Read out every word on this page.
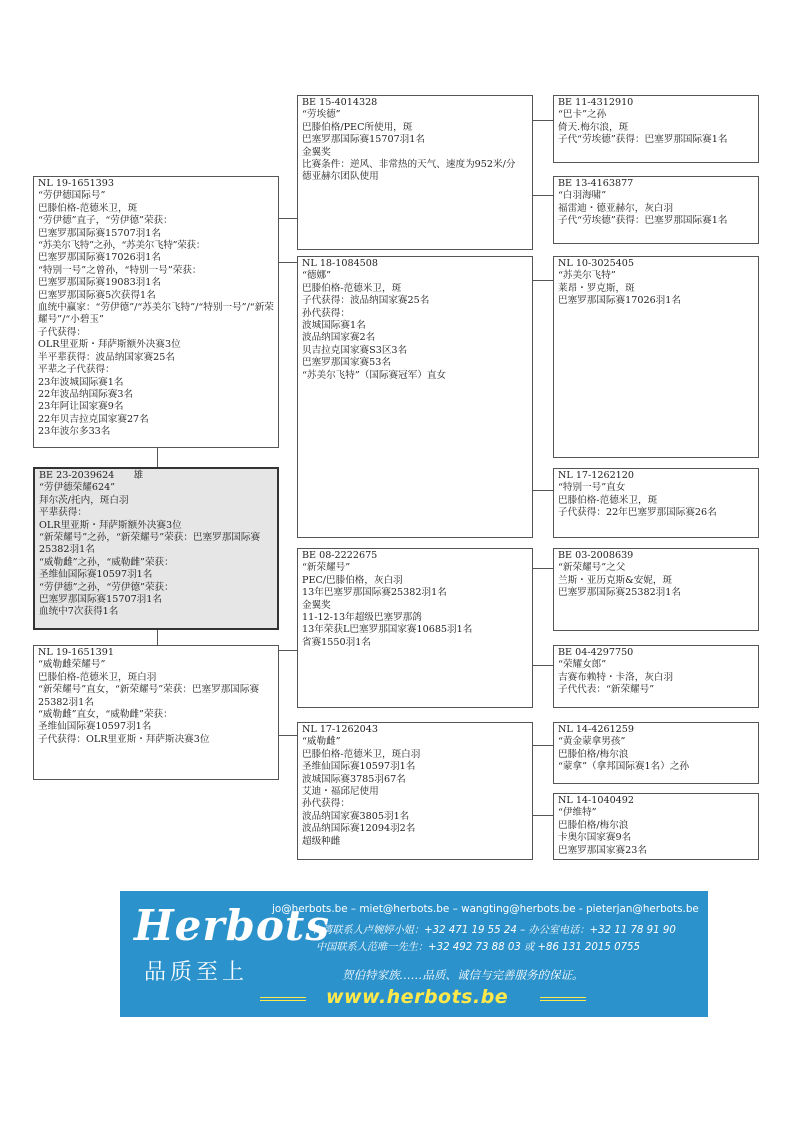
NL 19-1651393
“劳伊德国际号”
巴滕伯格-范德米卫，斑
“劳伊德”直子，“劳伊德”荣获：
巴塞罗那国际赛15707羽1名
“苏美尔飞特”之孙，“苏美尔飞特”荣获：
巴塞罗那国际赛17026羽1名
“特别一号”之曾孙，“特别一号”荣获：
巴塞罗那国际赛19083羽1名
巴塞罗那国际赛5次获得1名
血统中赢家：“劳伊德”/“苏美尔飞特”/“特别一号”/“新荣耀号”/“小碧玉”
子代获得：
OLR里亚斯・拜萨斯额外决赛3位
半平辈获得：波品纳国家赛25名
平辈之子代获得：
23年波城国际赛1名
22年波品纳国际赛3名
23年阿让国家赛9名
22年贝吉拉克国家赛27名
23年波尔多33名
BE 23-2039624　　雄
“劳伊德荣耀624”
拜尔茨/托内，斑白羽
平辈获得：
OLR里亚斯・拜萨斯额外决赛3位
“新荣耀号”之孙，“新荣耀号”荣获：巴塞罗那国际赛25382羽1名
“威勒雌”之孙，“威勒雌”荣获：
圣维仙国际赛10597羽1名
“劳伊德”之孙，“劳伊德”荣获：
巴塞罗那国际赛15707羽1名
血统中7次获得1名
NL 19-1651391
“威勒雌荣耀号”
巴滕伯格-范德米卫，斑白羽
“新荣耀号”直女，“新荣耀号”荣获：巴塞罗那国际赛25382羽1名
“威勒雌”直女，“威勒雌”荣获：
圣维仙国际赛10597羽1名
子代获得：OLR里亚斯・拜萨斯决赛3位
BE 15-4014328
“劳埃德”
巴滕伯格/PEC所使用，斑
巴塞罗那国际赛15707羽1名
金翼奖
比赛条件：逆风、非常热的天气、速度为952米/分
德亚赫尔团队使用
NL 18-1084508
“德娜”
巴滕伯格-范德米卫，斑
子代获得：波品纳国家赛25名
孙代获得：
波城国际赛1名
波品纳国家赛2名
贝吉拉克国家赛S3区3名
巴塞罗那国家赛53名
“苏美尔飞特”（国际赛冠军）直女
BE 08-2222675
“新荣耀号”
PEC/巴滕伯格，灰白羽
13年巴塞罗那国际赛25382羽1名
金翼奖
11-12-13年超级巴塞罗那鸽
13年荣获L巴塞罗那国家赛10685羽1名
省赛1550羽1名
NL 17-1262043
“威勒雌”
巴滕伯格-范德米卫，斑白羽
圣维仙国际赛10597羽1名
波城国际赛3785羽67名
艾迪・福邱尼使用
孙代获得：
波品纳国家赛3805羽1名
波品纳国际赛12094羽2名
超级种雌
BE 11-4312910
“巴卡”之孙
倚天.梅尔浪，斑
子代“劳埃德”获得：巴塞罗那国际赛1名
BE 13-4163877
“白羽海啸”
福雷迪・德亚赫尔，灰白羽
子代“劳埃德”获得：巴塞罗那国际赛1名
NL 10-3025405
“苏美尔飞特”
莱昂・罗克斯，斑
巴塞罗那国际赛17026羽1名
NL 17-1262120
“特别一号”直女
巴滕伯格-范德米卫，斑
子代获得：22年巴塞罗那国际赛26名
BE 03-2008639
“新荣耀号”之父
兰斯・亚历克斯&安妮，斑
巴塞罗那国际赛25382羽1名
BE 04-4297750
“荣耀女郎”
吉赛布赖特・卡洛，灰白羽
子代代表：“新荣耀号”
NL 14-4261259
“黄金蒙拿男孩”
巴滕伯格/梅尔浪
“蒙拿”（拿邦国际赛1名）之孙
NL 14-1040492
“伊维特”
巴滕伯格/梅尔浪
卡奥尔国家赛9名
巴塞罗那国家赛23名
Herbots
品质至上
jo@herbots.be – miet@herbots.be – wangting@herbots.be - pieterjan@herbots.be
台湾联系人卢婉婷小姐：+32 471 19 55 24 – 办公室电话：+32 11 78 91 90
中国联系人范唯一先生：+32 492 73 88 03 或 +86 131 2015 0755
贺伯特家族……品质、诚信与完善服务的保证。
www.herbots.be
